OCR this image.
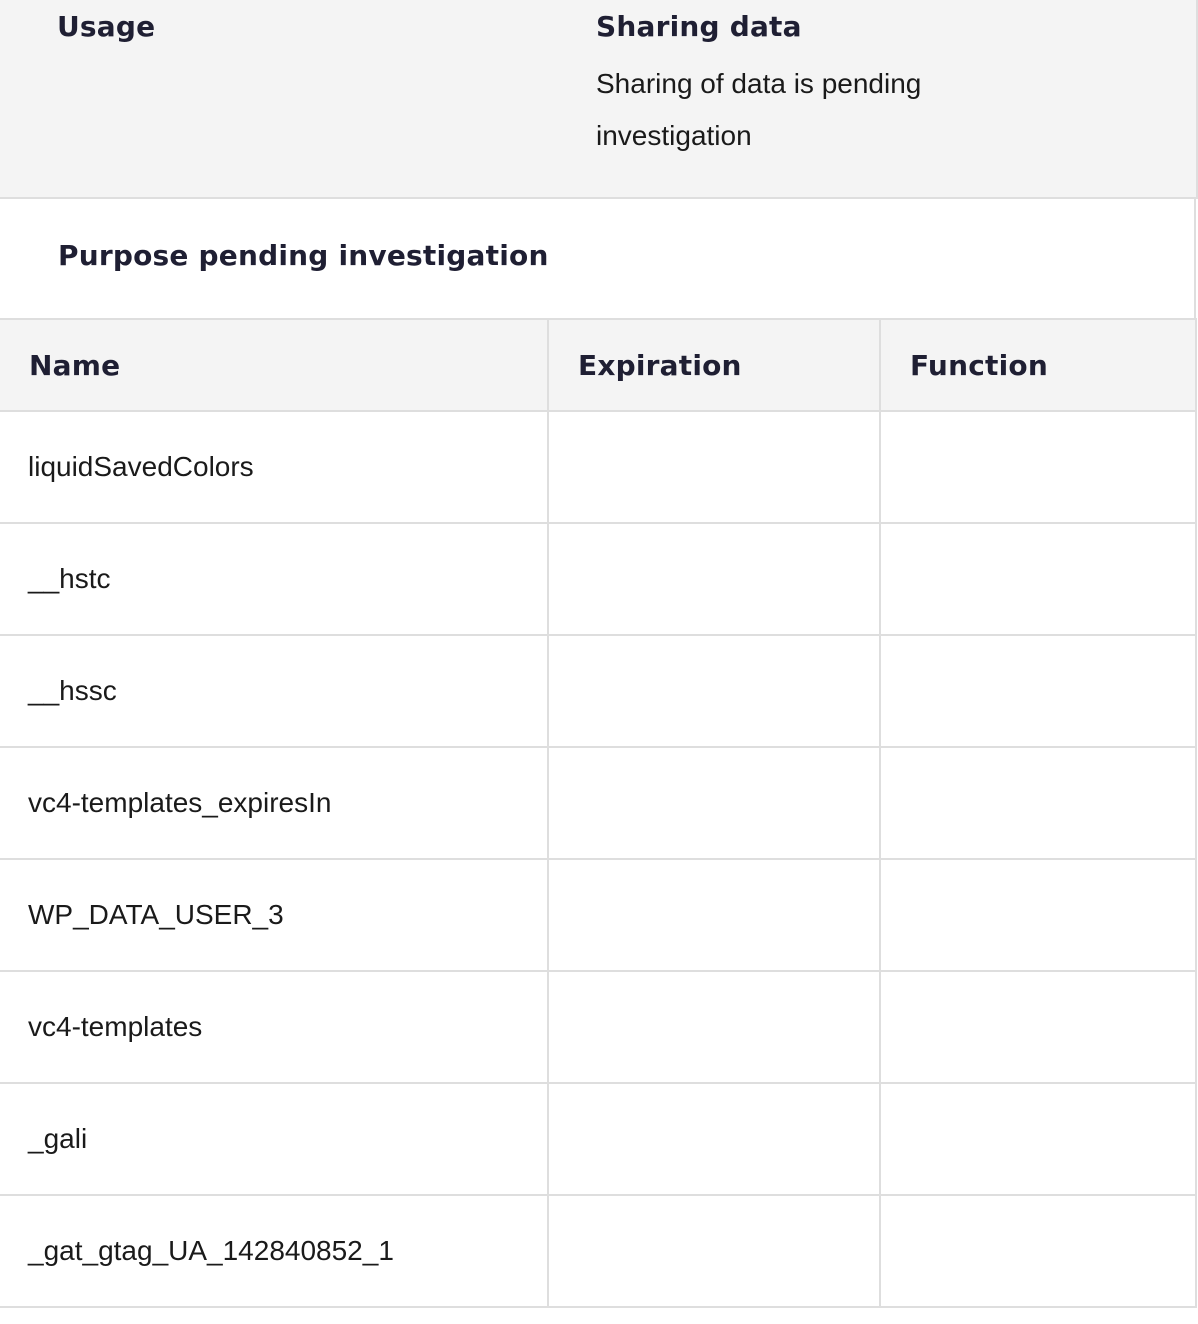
Usage	Sharing data
Sharing of data is pending investigation
Purpose pending investigation
Name	Expiration	Function
liquidSavedColors		
__hstc		
__hssc		
vc4-templates_expiresIn		
WP_DATA_USER_3		
vc4-templates		
_gali		
_gat_gtag_UA_142840852_1		
